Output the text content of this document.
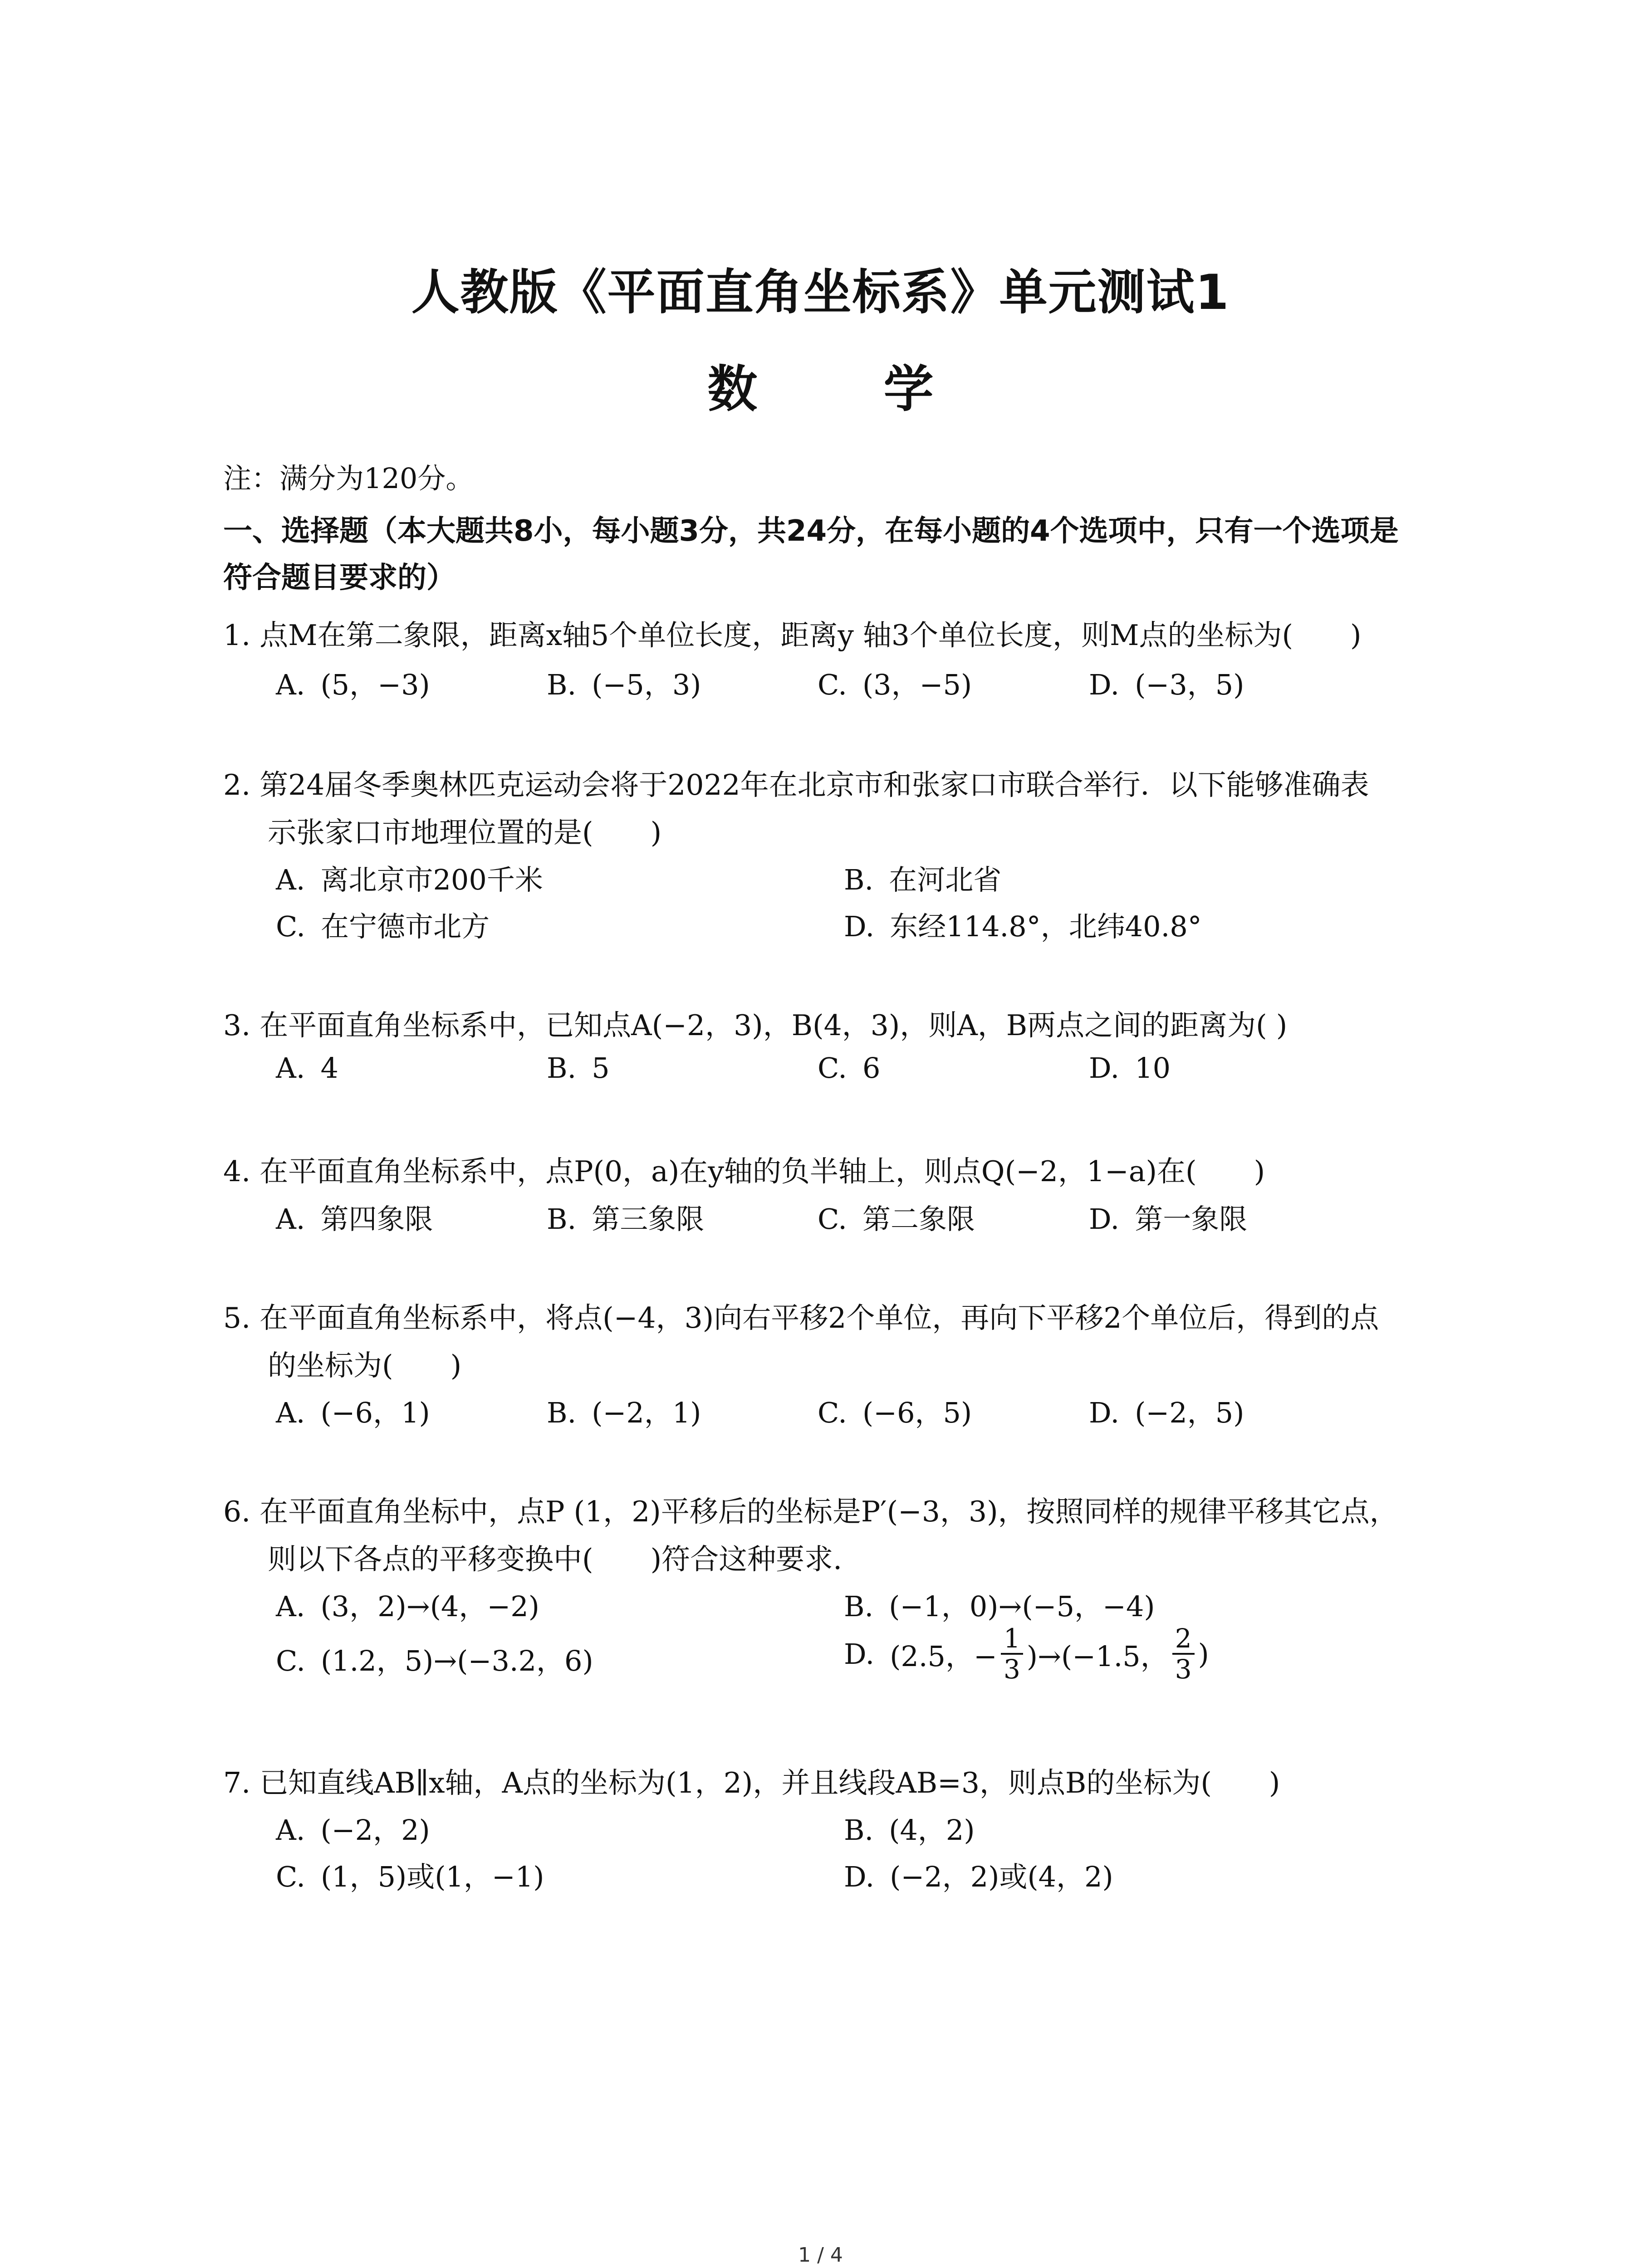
人教版《平面直角坐标系》单元测试1
数 学
注：满分为120分。
一、选择题（本大题共8小，每小题3分，共24分，在每小题的4个选项中，只有一个选项是
符合题目要求的）
1. 点M在第二象限，距离x轴5个单位长度，距离y 轴3个单位长度，则M点的坐标为(　　)
A. (5，−3)	B. (−5，3)	C. (3，−5)	D. (−3，5)
2. 第24届冬季奥林匹克运动会将于2022年在北京市和张家口市联合举行．以下能够准确表
示张家口市地理位置的是(　　)
A. 离北京市200千米	B. 在河北省
C. 在宁德市北方	D. 东经114.8°，北纬40.8°
3. 在平面直角坐标系中，已知点A(−2，3)，B(4，3)，则A，B两点之间的距离为( )
A. 4	B. 5	C. 6	D. 10
4. 在平面直角坐标系中，点P(0，a)在y轴的负半轴上，则点Q(−2，1−a)在(　　)
A. 第四象限	B. 第三象限	C. 第二象限	D. 第一象限
5. 在平面直角坐标系中，将点(−4，3)向右平移2个单位，再向下平移2个单位后，得到的点
的坐标为(　　)
A. (−6，1)	B. (−2，1)	C. (−6，5)	D. (−2，5)
6. 在平面直角坐标中，点P (1，2)平移后的坐标是P′(−3，3)，按照同样的规律平移其它点，
则以下各点的平移变换中(　　)符合这种要求.
A. (3，2)→(4，−2)	B. (−1，0)→(−5，−4)
C. (1.2，5)→(−3.2，6)	D. (2.5，− $\frac{1}{3} )\to(-1.5$， $\frac{2}{3}$ )
7. 已知直线AB∥x轴，A点的坐标为(1，2)，并且线段AB=3，则点B的坐标为(　　)
A. (−2，2)	B. (4，2)
C. (1，5)或(1，−1)	D. (−2，2)或(4，2)
1 / 4
